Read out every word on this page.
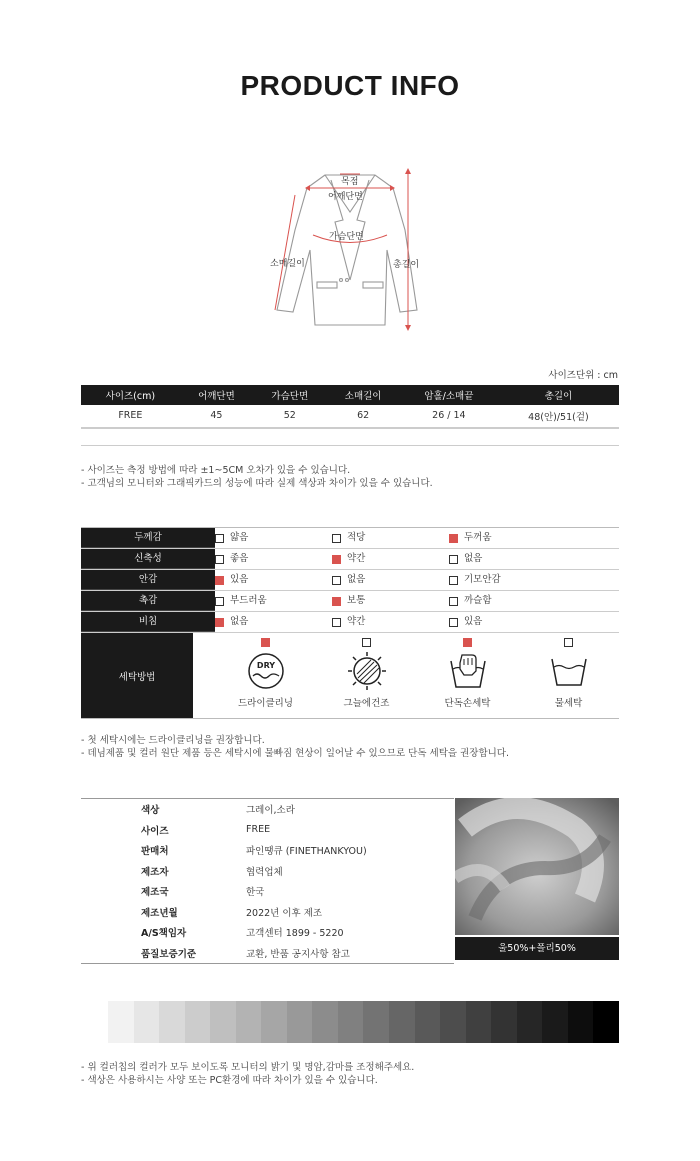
PRODUCT INFO
목점
어깨단면
가슴단면
소매길이	총길이
사이즈단위 : cm
사이즈(cm)	어깨단면	가슴단면	소매길이	암홀/소매끝	총길이
FREE	45	52	62	26 / 14	48(안)/51(겉)
- 사이즈는 측정 방법에 따라 ±1~5CM 오차가 있을 수 있습니다.
- 고객님의 모니터와 그래픽카드의 성능에 따라 실제 색상과 차이가 있을 수 있습니다.
두께감	얇음	적당	두꺼움
신축성	좋음	약간	없음
안감	있음	없음	기모안감
촉감	부드러움	보통	까슬함
비침	없음	약간	있음
세탁방법
DRY
드라이클리닝	그늘에건조	단독손세탁	물세탁
- 첫 세탁시에는 드라이클리닝을 권장합니다.
- 데님제품 및 컬러 원단 제품 등은 세탁시에 물빠짐 현상이 일어날 수 있으므로 단독 세탁을 권장합니다.
색상	그레이,소라
사이즈	FREE
판매처	파인땡큐 (FINETHANKYOU)
제조자	협력업체
제조국	한국
제조년월	2022년 이후 제조
A/S책임자	고객센터 1899 - 5220
품질보증기준	교환, 반품 공지사항 참고
울50%+폴리50%
- 위 컬러칩의 컬러가 모두 보이도록 모니터의 밝기 및 명암,감마를 조정해주세요.
- 색상은 사용하시는 사양 또는 PC환경에 따라 차이가 있을 수 있습니다.
